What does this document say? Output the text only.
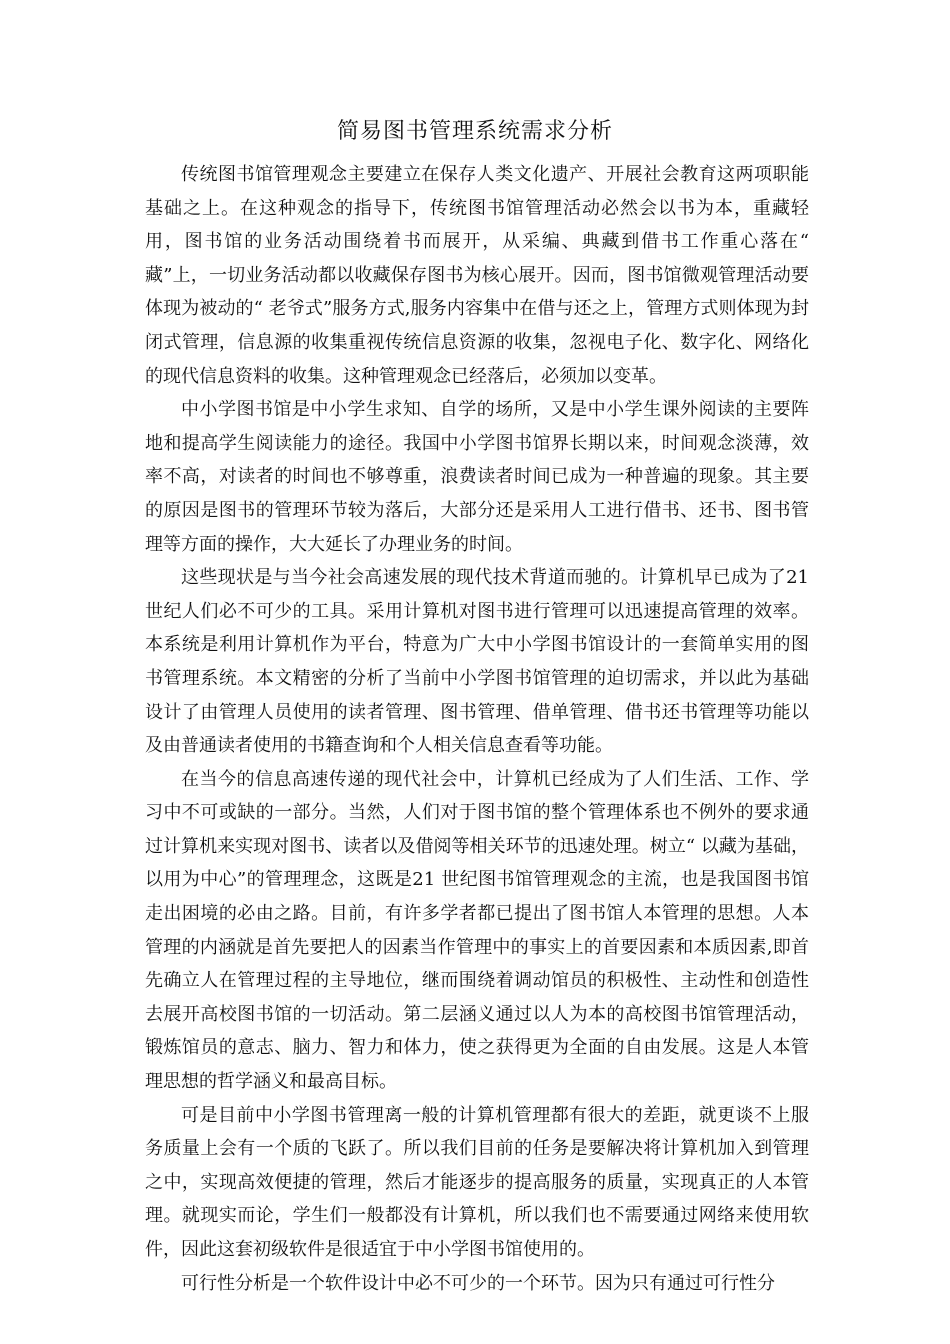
简易图书管理系统需求分析

传统图书馆管理观念主要建立在保存人类文化遗产、开展社会教育这两项职能基础之上。在这种观念的指导下，传统图书馆管理活动必然会以书为本，重藏轻用，图书馆的业务活动围绕着书而展开，从采编、典藏到借书工作重心落在“ 藏”上，一切业务活动都以收藏保存图书为核心展开。因而，图书馆微观管理活动要体现为被动的“ 老爷式”服务方式,服务内容集中在借与还之上，管理方式则体现为封闭式管理，信息源的收集重视传统信息资源的收集，忽视电子化、数字化、网络化的现代信息资料的收集。这种管理观念已经落后，必须加以变革。

中小学图书馆是中小学生求知、自学的场所，又是中小学生课外阅读的主要阵地和提高学生阅读能力的途径。我国中小学图书馆界长期以来，时间观念淡薄，效率不高，对读者的时间也不够尊重，浪费读者时间已成为一种普遍的现象。其主要的原因是图书的管理环节较为落后，大部分还是采用人工进行借书、还书、图书管理等方面的操作，大大延长了办理业务的时间。

这些现状是与当今社会高速发展的现代技术背道而驰的。计算机早已成为了21 世纪人们必不可少的工具。采用计算机对图书进行管理可以迅速提高管理的效率。本系统是利用计算机作为平台，特意为广大中小学图书馆设计的一套简单实用的图书管理系统。本文精密的分析了当前中小学图书馆管理的迫切需求，并以此为基础设计了由管理人员使用的读者管理、图书管理、借单管理、借书还书管理等功能以及由普通读者使用的书籍查询和个人相关信息查看等功能。

在当今的信息高速传递的现代社会中，计算机已经成为了人们生活、工作、学习中不可或缺的一部分。当然，人们对于图书馆的整个管理体系也不例外的要求通过计算机来实现对图书、读者以及借阅等相关环节的迅速处理。树立“ 以藏为基础，以用为中心”的管理理念，这既是21 世纪图书馆管理观念的主流，也是我国图书馆走出困境的必由之路。目前，有许多学者都已提出了图书馆人本管理的思想。人本管理的内涵就是首先要把人的因素当作管理中的事实上的首要因素和本质因素,即首先确立人在管理过程的主导地位，继而围绕着调动馆员的积极性、主动性和创造性去展开高校图书馆的一切活动。第二层涵义通过以人为本的高校图书馆管理活动，锻炼馆员的意志、脑力、智力和体力，使之获得更为全面的自由发展。这是人本管理思想的哲学涵义和最高目标。

可是目前中小学图书管理离一般的计算机管理都有很大的差距，就更谈不上服务质量上会有一个质的飞跃了。所以我们目前的任务是要解决将计算机加入到管理之中，实现高效便捷的管理，然后才能逐步的提高服务的质量，实现真正的人本管理。就现实而论，学生们一般都没有计算机，所以我们也不需要通过网络来使用软件，因此这套初级软件是很适宜于中小学图书馆使用的。

可行性分析是一个软件设计中必不可少的一个环节。因为只有通过可行性分
